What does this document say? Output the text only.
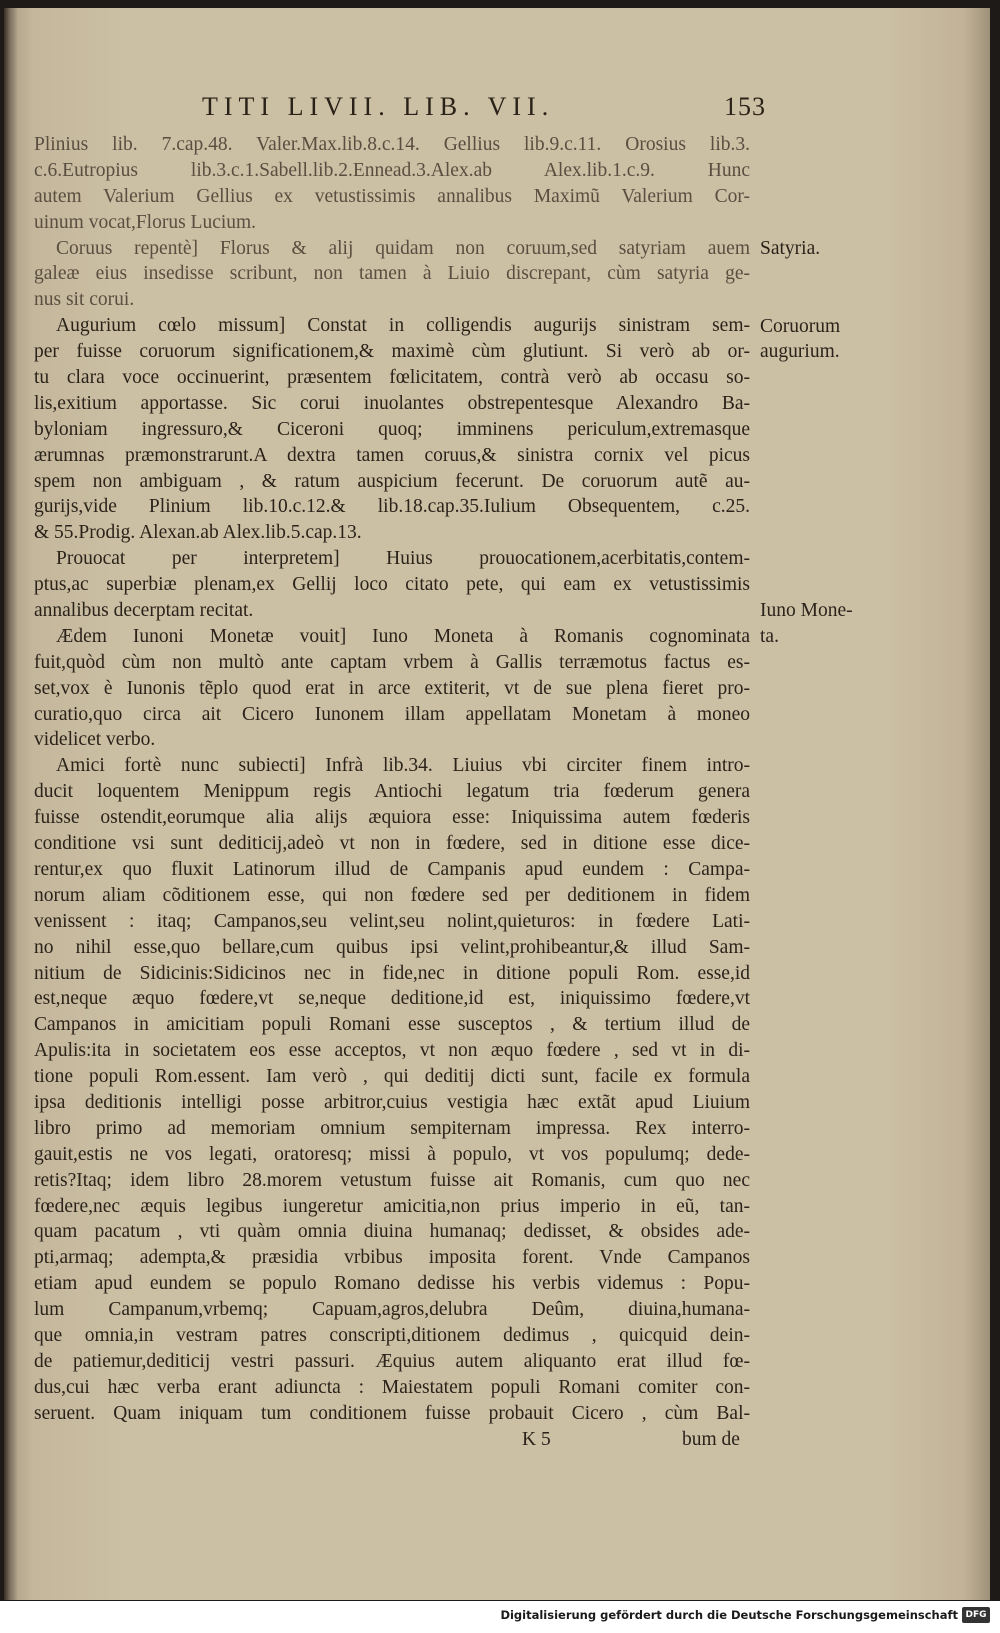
TITI LIVII. LIB. VII.	153
Plinius lib. 7.cap.48. Valer.Max.lib.8.c.14. Gellius lib.9.c.11. Orosius lib.3.
c.6.Eutropius lib.3.c.1.Sabell.lib.2.Ennead.3.Alex.ab Alex.lib.1.c.9. Hunc
autem Valerium Gellius ex vetustissimis annalibus Maximũ Valerium Cor-
uinum vocat,Florus Lucium.
Coruus repentè] Florus & alij quidam non coruum,sed satyriam auem
galeæ eius insedisse scribunt, non tamen à Liuio discrepant, cùm satyria ge-
nus sit corui.
Augurium cœlo missum] Constat in colligendis augurijs sinistram sem-
per fuisse coruorum significationem,& maximè cùm glutiunt. Si verò ab or-
tu clara voce occinuerint, præsentem fœlicitatem, contrà verò ab occasu so-
lis,exitium apportasse. Sic corui inuolantes obstrepentesque Alexandro Ba-
byloniam ingressuro,& Ciceroni quoq; imminens periculum,extremasque
ærumnas præmonstrarunt.A dextra tamen coruus,& sinistra cornix vel picus
spem non ambiguam , & ratum auspicium fecerunt. De coruorum autẽ au-
gurijs,vide Plinium lib.10.c.12.& lib.18.cap.35.Iulium Obsequentem, c.25.
& 55.Prodig. Alexan.ab Alex.lib.5.cap.13.
Prouocat per interpretem] Huius prouocationem,acerbitatis,contem-
ptus,ac superbiæ plenam,ex Gellij loco citato pete, qui eam ex vetustissimis
annalibus decerptam recitat.
Ædem Iunoni Monetæ vouit] Iuno Moneta à Romanis cognominata
fuit,quòd cùm non multò ante captam vrbem à Gallis terræmotus factus es-
set,vox è Iunonis tẽplo quod erat in arce extiterit, vt de sue plena fieret pro-
curatio,quo circa ait Cicero Iunonem illam appellatam Monetam à moneo
videlicet verbo.
Amici fortè nunc subiecti] Infrà lib.34. Liuius vbi circiter finem intro-
ducit loquentem Menippum regis Antiochi legatum tria fœderum genera
fuisse ostendit,eorumque alia alijs æquiora esse: Iniquissima autem fœderis
conditione vsi sunt dediticij,adeò vt non in fœdere, sed in ditione esse dice-
rentur,ex quo fluxit Latinorum illud de Campanis apud eundem : Campa-
norum aliam cõditionem esse, qui non fœdere sed per deditionem in fidem
venissent : itaq; Campanos,seu velint,seu nolint,quieturos: in fœdere Lati-
no nihil esse,quo bellare,cum quibus ipsi velint,prohibeantur,& illud Sam-
nitium de Sidicinis:Sidicinos nec in fide,nec in ditione populi Rom. esse,id
est,neque æquo fœdere,vt se,neque deditione,id est, iniquissimo fœdere,vt
Campanos in amicitiam populi Romani esse susceptos , & tertium illud de
Apulis:ita in societatem eos esse acceptos, vt non æquo fœdere , sed vt in di-
tione populi Rom.essent. Iam verò , qui deditij dicti sunt, facile ex formula
ipsa deditionis intelligi posse arbitror,cuius vestigia hæc extãt apud Liuium
libro primo ad memoriam omnium sempiternam impressa. Rex interro-
gauit,estis ne vos legati, oratoresq; missi à populo, vt vos populumq; dede-
retis?Itaq; idem libro 28.morem vetustum fuisse ait Romanis, cum quo nec
fœdere,nec æquis legibus iungeretur amicitia,non prius imperio in eũ, tan-
quam pacatum , vti quàm omnia diuina humanaq; dedisset, & obsides ade-
pti,armaq; adempta,& præsidia vrbibus imposita forent. Vnde Campanos
etiam apud eundem se populo Romano dedisse his verbis videmus : Popu-
lum Campanum,vrbemq; Capuam,agros,delubra Deûm, diuina,humana-
que omnia,in vestram patres conscripti,ditionem dedimus , quicquid dein-
de patiemur,dediticij vestri passuri. Æquius autem aliquanto erat illud fœ-
dus,cui hæc verba erant adiuncta : Maiestatem populi Romani comiter con-
seruent. Quam iniquam tum conditionem fuisse probauit Cicero , cùm Bal-
K 5	bum de
Satyria.
Coruorum
augurium.
Iuno Mone-
ta.
Digitalisierung gefördert durch die Deutsche Forschungsgemeinschaft DFG
